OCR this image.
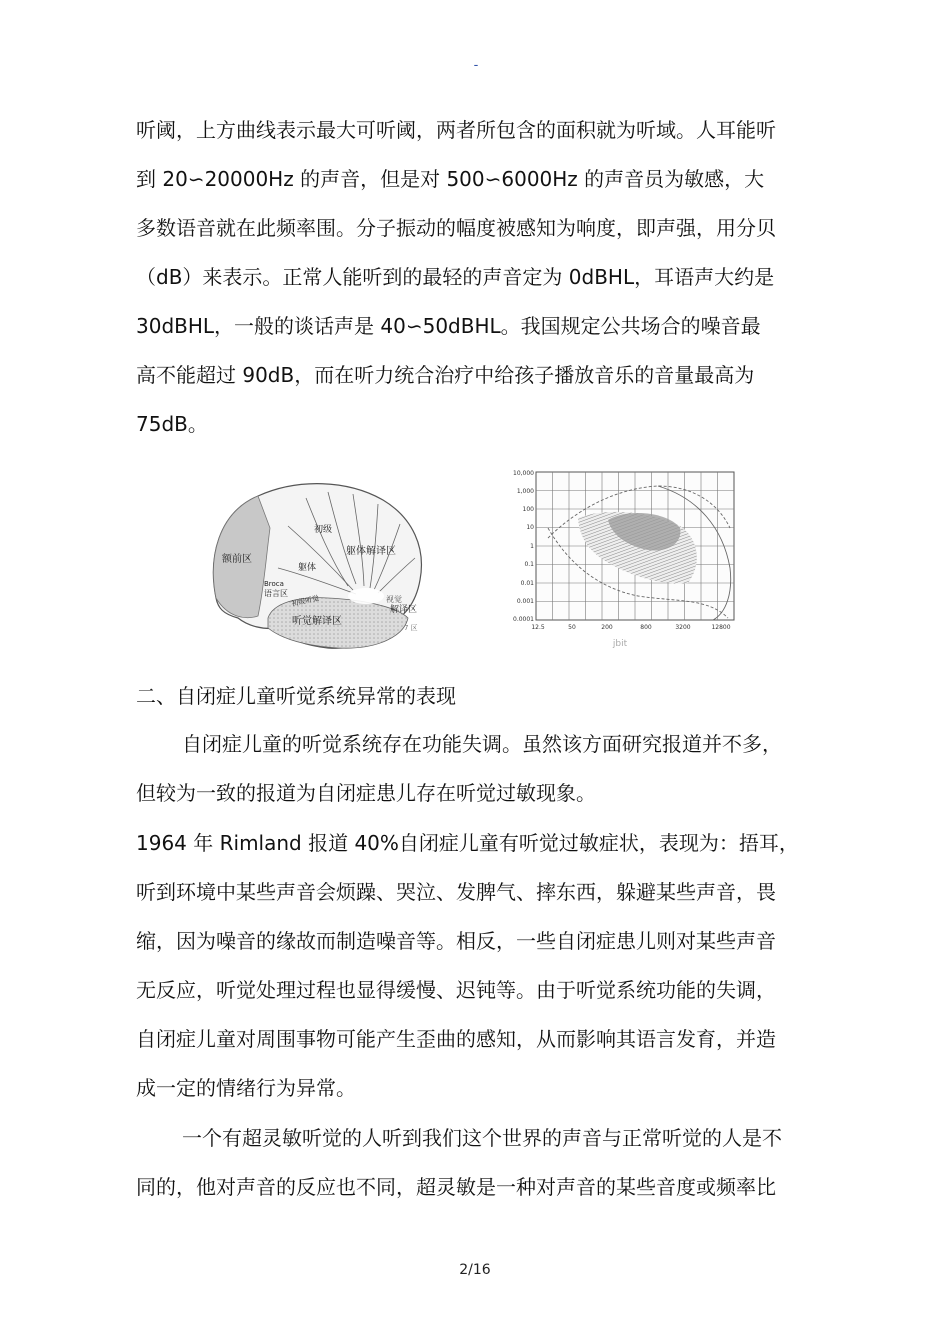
-
听阈，上方曲线表示最大可听阈，两者所包含的面积就为听域。人耳能听
到 20∽20000Hz 的声音，但是对 500∽6000Hz 的声音员为敏感，大
多数语音就在此频率围。分子振动的幅度被感知为响度，即声强，用分贝
（dB）来表示。正常人能听到的最轻的声音定为 0dBHL，耳语声大约是
30dBHL，一般的谈话声是 40∽50dBHL。我国规定公共场合的噪音最
高不能超过 90dB，而在听力统合治疗中给孩子播放音乐的音量最高为
75dB。
额前区
初级
躯体解译区
躯体
Broca
语言区
初级听觉
听觉解译区
视觉
解译区
7 区
10,000
1,000
100
10
1
0.1
0.01
0.001
0.0001
12.5	50	200	800	3200	12800
jbit
二、自闭症儿童听觉系统异常的表现
自闭症儿童的听觉系统存在功能失调。虽然该方面研究报道并不多，
但较为一致的报道为自闭症患儿存在听觉过敏现象。
1964 年 Rimland 报道 40%自闭症儿童有听觉过敏症状，表现为：捂耳，
听到环境中某些声音会烦躁、哭泣、发脾气、摔东西，躲避某些声音，畏
缩，因为噪音的缘故而制造噪音等。相反，一些自闭症患儿则对某些声音
无反应，听觉处理过程也显得缓慢、迟钝等。由于听觉系统功能的失调，
自闭症儿童对周围事物可能产生歪曲的感知，从而影响其语言发育，并造
成一定的情绪行为异常。
一个有超灵敏听觉的人听到我们这个世界的声音与正常听觉的人是不
同的，他对声音的反应也不同，超灵敏是一种对声音的某些音度或频率比
2/16
